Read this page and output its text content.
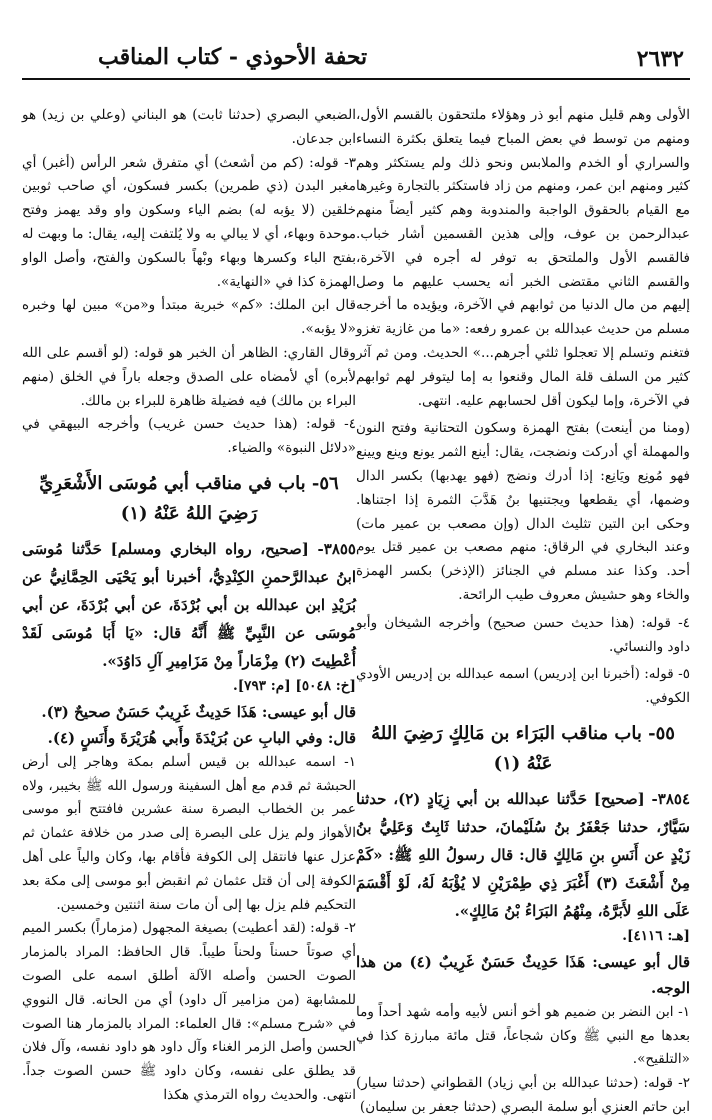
٢٦٣٢
تحفة الأحوذي - كتاب المناقب

الأولى وهم قليل منهم أبو ذر وهؤلاء ملتحقون بالقسم الأول، ومنهم من توسط في بعض المباح فيما يتعلق بكثرة النساء والسراري أو الخدم والملابس ونحو ذلك ولم يستكثر وهم كثير ومنهم ابن عمر، ومنهم من زاد فاستكثر بالتجارة وغيرها مع القيام بالحقوق الواجبة والمندوبة وهم كثير أيضاً منهم عبدالرحمن بن عوف، وإلى هذين القسمين أشار خباب. فالقسم الأول والملتحق به توفر له أجره في الآخرة، والقسم الثاني مقتضى الخبر أنه يحسب عليهم ما وصل إليهم من مال الدنيا من ثوابهم في الآخرة، ويؤيده ما أخرجه مسلم من حديث عبدالله بن عمرو رفعه: «ما من غازية تغزو فتغنم وتسلم إلا تعجلوا ثلثي أجرهم...» الحديث. ومن ثم آثر كثير من السلف قلة المال وقنعوا به إما ليتوفر لهم ثوابهم في الآخرة، وإما ليكون أقل لحسابهم عليه. انتهى.

(ومنا من أينعت) بفتح الهمزة وسكون التحتانية وفتح النون والمهملة أي أدركت ونضجت، يقال: أينع الثمر يونع وينع ويينع فهو مُونِع ويَانِع: إذا أدرك ونضج (فهو يهدبها) بكسر الدال وضمها، أي يقطعها ويجتنيها بنُ هَدَّبَ الثمرة إذا اجتناها. وحكى ابن التين تثليث الدال (وإن مصعب بن عمير مات) وعند البخاري في الرقاق: منهم مصعب بن عمير قتل يوم أحد. وكذا عند مسلم في الجنائز (الإذخر) بكسر الهمزة والخاء وهو حشيش معروف طيب الرائحة.

٤- قوله: (هذا حديث حسن صحيح) وأخرجه الشيخان وأبو داود والنسائي.

٥- قوله: (أخبرنا ابن إدريس) اسمه عبدالله بن إدريس الأودي الكوفي.

٥٥- باب مناقب البَرَاء بن مَالِكٍ رَضِيَ اللهُ عَنْهُ (١)

٣٨٥٤- [صحيح] حَدَّثنا عبدالله بن أبي زِيَادٍ (٢)، حدثنا سَيَّارٌ، حدثنا جَعْفَرُ بنُ سُلَيْمانَ، حدثنا ثَابِتٌ وَعَلِيُّ بنُ زَيْدٍ عن أَنَسِ بنِ مَالِكٍ قال: قال رسولُ اللهِ ﷺ: «كَمْ مِنْ أَشْعَثَ (٣) أَغْبَرَ ذِي طِمْرَيْنِ لا يُؤْبَهُ لَهُ، لَوْ أَقْسَمَ عَلَى اللهِ لأَبَرَّهُ، مِنْهُمُ البَرَاءُ بْنُ مَالِكٍ».

[هـ: ٤١١٦].

قال أبو عيسى: هَذَا حَدِيثٌ حَسَنٌ غَرِيبٌ (٤) من هذا الوجه.

١- ابن النضر بن ضميم هو أخو أنس لأبيه وأمه شهد أحداً وما بعدها مع النبي ﷺ وكان شجاعاً، قتل مائة مبارزة كذا في «التلقيح».

٢- قوله: (حدثنا عبدالله بن أبي زياد) القطواني (حدثنا سيار) ابن حاتم العنزي أبو سلمة البصري (حدثنا جعفر بن سليمان)

الضبعي البصري (حدثنا ثابت) هو البناني (وعلي بن زيد) هو ابن جدعان.

٣- قوله: (كم من أشعث) أي متفرق شعر الرأس (أغبر) أي مغبر البدن (ذي طمرين) بكسر فسكون، أي صاحب ثوبين خلقين (لا يؤبه له) بضم الياء وسكون واو وقد يهمز وفتح موحدة وبهاء، أي لا يبالي به ولا يُلتفت إليه، يقال: ما وبهت له بفتح الباء وكسرها وبهاء وبْهاً بالسكون والفتح، وأصل الواو الهمزة كذا في «النهاية».

قال ابن الملك: «كم» خبرية مبتدأ و«من» مبين لها وخبره «لا يؤبه».

وقال القاري: الظاهر أن الخبر هو قوله: (لو أقسم على الله لأبره) أي لأمضاه على الصدق وجعله باراً في الخلق (منهم البراء بن مالك) فيه فضيلة ظاهرة للبراء بن مالك.

٤- قوله: (هذا حديث حسن غريب) وأخرجه البيهقي في «دلائل النبوة» والضياء.

٥٦- باب في مناقب أبي مُوسَى الأَشْعَرِيِّ رَضِيَ اللهُ عَنْهُ (١)

٣٨٥٥- [صحيح، رواه البخاري ومسلم] حَدَّثنا مُوسَى ابنُ عبدالرَّحمنِ الكِنْدِيُّ، أخبرنا أبو يَحْيَى الحِمَّانِيُّ عن بُرَيْدِ ابن عبدالله بن أبي بُرْدَةَ، عن أبي بُرْدَةَ، عن أبي مُوسَى عن النَّبِيِّ ﷺ أَنَّهُ قال: «يَا أَبَا مُوسَى لَقَدْ أُعْطِيتَ (٢) مِزْمَاراً مِنْ مَزَامِيرِ آلِ دَاوُدَ».

[خ: ٥٠٤٨] [م: ٧٩٣].

قال أبو عيسى: هَذَا حَدِيثٌ غَرِيبٌ حَسَنٌ صحيحٌ (٣).

قال: وفي البابِ عن بُرَيْدَةَ وأَبي هُرَيْرَةَ وأَنَسٍ (٤).

١- اسمه عبدالله بن قيس أسلم بمكة وهاجر إلى أرض الحبشة ثم قدم مع أهل السفينة ورسول الله ﷺ بخيبر، ولاه عمر بن الخطاب البصرة سنة عشرين فافتتح أبو موسى الأهواز ولم يزل على البصرة إلى صدر من خلافة عثمان ثم عزل عنها فانتقل إلى الكوفة فأقام بها، وكان والياً على أهل الكوفة إلى أن قتل عثمان ثم انقبض أبو موسى إلى مكة بعد التحكيم فلم يزل بها إلى أن مات سنة اثنتين وخمسين.

٢- قوله: (لقد أعطيت) بصيغة المجهول (مزماراً) بكسر الميم أي صوتاً حسناً ولحناً طيباً. قال الحافظ: المراد بالمزمار الصوت الحسن وأصله الآلة أطلق اسمه على الصوت للمشابهة (من مزامير آل داود) أي من الحانه. قال النووي في «شرح مسلم»: قال العلماء: المراد بالمزمار هنا الصوت الحسن وأصل الزمر الغناء وآل داود هو داود نفسه، وآل فلان قد يطلق على نفسه، وكان داود ﷺ حسن الصوت جداً. انتهى. والحديث رواه الترمذي هكذا
